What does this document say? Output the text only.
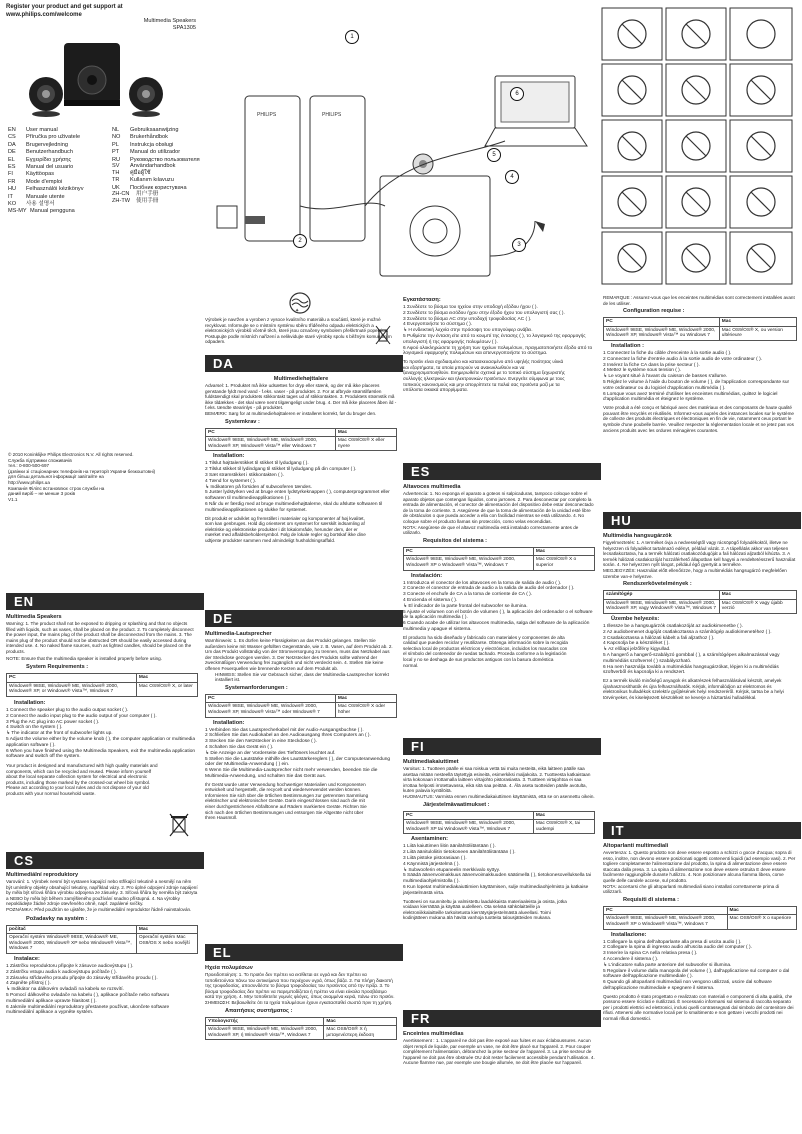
Register your product and get support at
www.philips.com/welcome
Multimedia Speakers
SPA1305
EN	User manual
CS	Příručka pro uživatele
DA	Brugervejledning
DE	Benutzerhandbuch
EL	Εγχειρίδιο χρήσης
ES	Manual del usuario
FI	Käyttöopas
FR	Mode d'emploi
HU	Felhasználói kézikönyv
IT	Manuale utente
KO	사용 설명서
MS-MY Manual pengguna
NL	Gebruiksaanwijzing
NO	Brukerhåndbok
PL	Instrukcja obsługi
PT	Manual do utilizador
RU	Руководство пользователя
SV	Användarhandbok
TH	คู่มือผู้ใช้
TR	Kullanım kılavuzu
UK	Посібник користувача
ZH-CN	用户手册
ZH-TW	使用手冊
© 2010 Koninklijke Philips Electronics N.V. All rights reserved.
Служба підтримки споживачів
тел.: 0-800-500-697
(дзвінки зі стаціонарних телефонів на території України безкоштовні)
для більш детальної інформації завітайте на
http://www.philips.ua
Компанія Філіпс встановлює строк служби на
даний виріб – не менше 3 років
V1.1
EN
Multimedia Speakers
Warning: 1. The product shall not be exposed to dripping or splashing and that no objects filled with liquids, such as vases, shall be placed on the product. 2. To completely disconnect the power input, the mains plug of the product shall be disconnected from the mains. 3. The mains plug of the product should not be obstructed OR should be easily accessed during intended use. 4. No naked flame sources, such as lighted candles, should be placed on the products.
NOTE: Ensure that the multimedia speaker is installed properly before using.
System Requirements :
PC	Mac
Windows® 98SE, Windows® ME, Windows® 2000, Windows® XP, or Windows® Vista™, Windows 7	Mac OS9/OS® X, or later
Installation:
1 Connect the speaker plug to the audio output socket ( ).
2 Connect the audio input plug to the audio output of your computer ( ).
3 Plug the AC plug into AC power socket ( ).
4 Switch on the system ( ).
↳ The indicator at the front of subwoofer lights up.
5 Adjust the volume either by the volume knob ( ), the computer application or multimedia application software ( ).
6 When you have finished using the Multimedia Speakers, exit the multimedia application software and switch off the system.
Your product is designed and manufactured with high quality materials and components, which can be recycled and reused. Please inform yourself about the local separate collection system for electrical and electronic products, including those marked by the crossed-out wheel bin symbol. Please act according to your local rules and do not dispose of your old products with your normal household waste.
CS
Multimediální reproduktory
Varování: 1. Výrobek nesmí být vystaven kapající nebo stříkající tekutině a nesmějí na něm být umístěny objekty obsahující tekutiny, například vázy. 2. Pro úplné odpojení zdroje napájení by měla být síťová šňůra výrobku odpojena ze zásuvky. 3. Síťová šňůra by neměla být zakryta a NEBO by měla být během zamýšleného používání snadno přístupná. 4. Na výrobky nepokládejte žádné zdroje otevřeného ohně, např. zapálené svíčky.
POZNÁMKA: Před použitím se ujistěte, že je multimediální reproduktor řádně nainstalován.
Požadavky na systém :
počítač	Mac
Operační systém Windows® 98SE, Windows® ME, Windows® 2000, Windows® XP nebo Windows® Vista™, Windows 7	Operační systém Mac OS9/OS X nebo novější
Instalace:
1 Zástrčku reproduktoru připojte k zásuvce audiovýstupu ( ).
2 Zástrčku vstupu audia k audiovýstupu počítače ( ).
3 Zásuvku střídavého proudu připojte do zásuvky střídavého proudu ( ).
4 Zapněte přístroj ( ).
↳ Indikátor na dálkovém ovladači na kabelu se rozsvítí.
5 Pomocí dálkového ovladače na kabelu ( ), aplikace počítače nebo softwaru multimediální aplikace upravte hlasitost ( ).
6 Jakmile multimediální reproduktory přestanete používat, ukončete software multimediální aplikace a vypněte systém.
✦
PHILIPS	PHILIPS
2
1
3
4
5
6
Výrobek je navržen a vyroben z vysoce kvalitního materiálu a součástí, které je možné recyklovat. Informujte se o místním systému sběru tříděného odpadu elektrických a elektronických výrobků včetně těch, které jsou označeny symbolem přeškrtnuté popelnice. Postupujte podle místních nařízení a nelikvidujte staré výrobky spolu s běžným komunálním odpadem.
DA
Multimediehøjttalere
Advarsel: 1. Produktet må ikke udsættes for dryp eller stænk, og der må ikke placeres genstande fyldt med vand - f.eks. vaser - på produktet. 2. For at afbryde strømtilførslen fuldstændigt skal produktets stikkontakt tages ud af stikkontakten. 3. Produktets strømstik må ikke tildækkes - det skal være nemt tilgængeligt under brug. 4. Der må ikke placeres åben ild - f.eks. tændte stearinlys - på produktet.
BEMÆRK: Sørg for at multimediehøjttaleren er installeret korrekt, før du bruger den.
Systemkrav :
PC	Mac
Windows® 98SE, Windows® ME, Windows® 2000, Windows® XP, Windows® Vista™ eller Windows 7	Mac OS9/OS® X eller nyere
Installation:
1 Tilslut højttalerstikket til stikket til lydudgang ( ).
2 Tilslut stikket til lydindgang til stikket til lydudgang på din computer ( ).
3 Sæt strømstikket i stikkontakten ( ).
4 Tænd for systemet ( ).
↳ Indikatoren på forsiden af subwooferen tændes.
5 Juster lydstyrken ved at bruge enten lydstyrkeknappen ( ), computerprogrammet eller softwaren til multimedieapplikationen ( ).
6 Når du er færdig med at bruge multimediehøjttalerne, skal du afslutte softwaren til multimedieapplikationen og slukke for systemet.
Dit produkt er udviklet og fremstillet i materialer og komponenter af høj kvalitet, som kan genbruges. Hold dig orienteret om systemet for særskilt indsamling af elektriske og elektroniske produkter i dit lokalområde, herunder dem, der er mærket med affaldsbeholdersymbol. Følg de lokale regler og bortskaf ikke dine udtjente produkter sammen med almindeligt husholdningsaffald.
DE
Multimedia-Lautsprecher
Warnhinweis: 1. Es dürfen keine Flüssigkeiten an das Produkt gelangen. Stellen Sie außerdem keine mit Wasser gefüllten Gegenstände, wie z. B. Vasen, auf dem Produkt ab. 2. Um das Produkt vollständig von der Stromversorgung zu trennen, muss das Netzkabel aus der Steckdose gezogen werden. 3. Der Netzstecker des Produkts sollte während der zweckmäßigen Verwendung frei zugänglich und nicht verdeckt sein. 4. Stellen Sie keine offenen Feuerquellen wie brennende Kerzen auf dem Produkt ab.
HINWEIS: Stellen Sie vor Gebrauch sicher, dass der Multimedia-Lautsprecher korrekt installiert ist.
Systemanforderungen :
PC	Mac
Windows® 98SE, Windows® ME, Windows® 2000, Windows® XP, Windows® Vista™ oder Windows® 7	Mac OS9/OS® X oder höher
Installation:
1 Verbinden Sie das Lautsprecherkabel mit der Audio-Ausgangsbuchse ( ).
2 Schließen Sie das Audiokabel an den Audioausgang Ihres Computers an ( ).
3 Stecken Sie den Netzstecker in eine Steckdose ( ).
4 Schalten Sie das Gerät ein ( ).
↳ Die Anzeige an der Vorderseite des Tieftöners leuchtet auf.
5 Stellen Sie die Lautstärke mithilfe des Lautstärkereglers ( ), der Computeranwendung oder der Multimedia-Anwendung ( ) ein.
6 Wenn Sie die Multimedia-Lautsprecher nicht mehr verwenden, beenden Sie die Multimedia-Anwendung, und schalten Sie das Gerät aus.
Ihr Gerät wurde unter Verwendung hochwertiger Materialien und Komponenten entwickelt und hergestellt, die recycelt und wiederverwendet werden können. Informieren Sie sich über die örtlichen Bestimmungen zur getrennten Sammlung elektrischer und elektronischer Geräte. Darin eingeschlossen sind auch die mit einer durchgestrichenen Abfalltonne auf Rädern markierten Geräte. Richten Sie sich nach den örtlichen Bestimmungen und entsorgen Sie Altgeräte nicht über Ihren Hausmüll.
EL
Ηχεία πολυμέσων
Προειδοποίηση: 1. Το προϊόν δεν πρέπει να εκτίθεται σε υγρά και δεν πρέπει να τοποθετούνται πάνω του αντικείμενα που περιέχουν υγρά, όπως βάζα. 2. Για πλήρη διακοπή της τροφοδοσίας, αποσυνδέστε το βύσμα τροφοδοσίας του προϊόντος από την πρίζα. 3. Το βύσμα τροφοδοσίας δεν πρέπει να παρεμποδίζεται ή πρέπει να είναι εύκολα προσβάσιμο κατά την χρήση. 4. Μην τοποθετείτε γυμνές φλόγες, όπως αναμμένα κεριά, πάνω στο προϊόν.
ΣΗΜΕΙΩΣΗ: Βεβαιωθείτε ότι τα ηχεία πολυμέσων έχουν εγκατασταθεί σωστά πριν τη χρήση.
Απαιτήσεις συστήματος :
Υπολογιστής	Mac
Windows® 98SE, Windows® ME, Windows® 2000, Windows® XP, ή Windows® Vista™, Windows 7	Mac OS9/OS® X ή μεταγενέστερη έκδοση
Εγκατάσταση:
1 Συνδέστε το βύσμα του ηχείου στην υποδοχή εξόδου ήχου ( ).
2 Συνδέστε το βύσμα εισόδου ήχου στην έξοδο ήχου του υπολογιστή σας ( ).
3 Συνδέστε το βύσμα AC στην υποδοχή τροφοδοσίας AC ( ).
4 Ενεργοποιήστε το σύστημα ( ).
↳ Η ενδεικτική λυχνία στην πρόσοψη του υπογούφερ ανάβει.
5 Ρυθμίστε την ένταση είτε από το κουμπί της έντασης ( ), το λογισμικό της εφαρμογής υπολογιστή ή της εφαρμογής πολυμέσων ( ).
6 Αφού ολοκληρώσετε τη χρήση των ηχείων πολυμέσων, πραγματοποιήστε έξοδο από το λογισμικό εφαρμογής πολυμέσων και απενεργοποιήστε το σύστημα.
Το προϊόν είναι σχεδιασμένο και κατασκευασμένο από υψηλής ποιότητας υλικά και εξαρτήματα, τα οποία μπορούν να ανακυκλωθούν και να ξαναχρησιμοποιηθούν. Ενημερωθείτε σχετικά με το τοπικό σύστημα ξεχωριστής συλλογής ηλεκτρικών και ηλεκτρονικών προϊόντων. Ενεργείτε σύμφωνα με τους τοπικούς κανονισμούς και μην απορρίπτετε τα παλιά σας προϊόντα μαζί με τα υπόλοιπα οικιακά απορρίμματα.
ES
Altavoces multimedia
Advertencia: 1. No exponga el aparato a goteos ni salpicaduras, tampoco coloque sobre el aparato objetos que contengan líquidos, como jarrones. 2. Para desconectar por completo la entrada de alimentación, el conector de alimentación del dispositivo debe estar desconectado de la toma de corriente. 3. Asegúrese de que la toma de alimentación de la unidad esté libre de obstáculos o que pueda acceder a ella con facilidad mientras se está utilizando. 4. No coloque sobre el producto llamas sin protección, como velas encendidas.
NOTA: Asegúrese de que el altavoz multimedia está instalado correctamente antes de utilizarlo.
Requisitos del sistema :
PC	Mac
Windows® 98SE, Windows® ME, Windows® 2000, Windows® XP o Windows® Vista™, Windows 7	Mac OS9/OS® X o superior
Instalación:
1 Introduzca el conector de los altavoces en la toma de salida de audio ( ).
2 Conecte el conector de entrada de audio a la salida de audio del ordenador ( ).
3 Conecte el enchufe de CA a la toma de corriente de CA ( ).
4 Encienda el sistema ( ).
↳ El indicador de la parte frontal del subwoofer se ilumina.
5 Ajuste el volumen con el botón de volumen ( ), la aplicación del ordenador o el software de la aplicación multimedia ( ).
6 Cuando acabe de utilizar los altavoces multimedia, salga del software de la aplicación multimedia y apague el sistema.
El producto ha sido diseñado y fabricado con materiales y componentes de alta calidad que pueden reciclar y reutilizarse. Obtenga información sobre la recogida selectiva local de productos eléctricos y electrónicos, incluidos los marcados con el símbolo del contenedor de ruedas tachado. Proceda conforme a la legislación local y no se deshaga de sus productos antiguos con la basura doméstica normal.
FI
Multimediakaiuttimet
Varoitus: 1. Tuotteen päälle ei saa roiskua vettä tai muita nesteitä, eikä laitteen päälle saa asettaa mitään nesteellä täytettyjä esineitä, esimerkiksi maljakoita. 2. Tuotteesta katkaistaan virta kokonaan irrottamalla laitteen virtajohto pistorasiasta. 3. Tuotteen virtajohtoa ei saa irrottaa helposti irrotettavassa, eikä sitä saa peittää. 4. Älä aseta tuotteiden päälle avotulta, kuten palavia kynttilöitä.
HUOMAUTUS: Varmista ennen multimediakaiuttimen käyttämistä, että se on asennettu oikein.
Järjestelmävaatimukset :
PC	Mac
Windows® 98SE, Windows® ME, Windows® 2000, Windows® XP tai Windows® Vista™, Windows 7	Mac OS9/OS® X, tai uudempi
Asentaminen:
1 Liitä kaiuttimen liitin äänilähtöliitäntään ( ).
2 Liitä äänituloliitin tietokoneen äänilähtöliitäntään ( ).
3 Liitä pistoke pistorasiaan ( ).
4 Käynnistä järjestelmä ( ).
↳ Subwooferin etupaneelin merkkivalo syttyy.
5 Säädä äänenvoimakkuus äänenvoimakkuuden säätimellä ( ), tietokonesovelluksella tai multimediaohjelmistolla ( ).
6 Kun lopetat multimediakaiuttimien käyttämisen, sulje multimediaohjelmisto ja katkaise järjestelmästä virta.
Tuotteesi on suunniteltu ja valmistettu laadukkaista materiaaleista ja osista, jotka voidaan kierrättää ja käyttää uudelleen. Ota selvää sähkölaitteille ja elektroniikkalaitteille tarkoitetusta kierrätysjärjestelmästä alueellasi. Toimi kodinjätteen mukana älä hävitä vanhoja tuotteita talousjätteiden mukana.
FR
Enceintes multimédias
Avertissement : 1. L'appareil ne doit pas être exposé aux fuites et aux éclaboussures. Aucun objet rempli de liquide, par exemple un vase, ne doit être placé sur l'appareil. 2. Pour couper complètement l'alimentation, débranchez la prise secteur de l'appareil. 3. La prise secteur de l'appareil ne doit pas être obstruée OU doit rester facilement accessible pendant l'utilisation. 4. Aucune flamme nue, par exemple une bougie allumée, ne doit être placée sur l'appareil.
REMARQUE : Assurez-vous que les enceintes multimédias sont correctement installées avant de les utiliser.
Configuration requise :
PC	Mac
Windows® 98SE, Windows® ME, Windows® 2000, Windows® XP, Windows® Vista™ ou Windows 7	Mac OS9/OS® X, ou version ultérieure
Installation :
1 Connectez la fiche du câble d'enceinte à la sortie audio ( ).
2 Connectez la fiche d'entrée audio à la sortie audio de votre ordinateur ( ).
3 Insérez la fiche CA dans la prise secteur ( ).
4 Mettez le système sous tension ( ).
↳ Le voyant situé à l'avant du caisson de basses s'allume.
5 Réglez le volume à l'aide du bouton de volume ( ), de l'application correspondante sur votre ordinateur ou du logiciel d'application multimédia ( ).
6 Lorsque vous avez terminé d'utiliser les enceintes multimédias, quittez le logiciel d'application multimédia et éteignez le système.
Votre produit a été conçu et fabriqué avec des matériaux et des composants de haute qualité pouvant être recyclés et réutilisés. Informez-vous auprès des instances locales sur le système de collecte des produits électriques et électroniques en fin de vie, notamment ceux portant le symbole d'une poubelle barrée. Veuillez respecter la réglementation locale et ne jetez pas vos anciens produits avec les ordures ménagères courantes.
HU
Multimédia hangsugárzók
Figyelmeztetés: 1. A terméket óvja a nedvességtől vagy rácsöpögő folyadékoktól, illetve ne helyezzen rá folyadékot tartalmazó edényt, például vázát. 2. A tápellátás akkor van teljesen lecsatlakoztatva, ha a termék hálózati csatlakozódugóját a fali hálózati aljzatból kihúzta. 3. A termék hálózati csatlakozóját hozzáférhető állapotban kell hagyni a rendeltetésszerű használat során. 4. Ne helyezzen nyílt lángot, például égő gyertyát a termékre.
MEGJEGYZÉS: Használat előtt ellenőrizze, hogy a multimédiás hangsugárzó megfelelően üzembe van-e helyezve.
Rendszerkövetelmények :
számítógép	Mac
Windows® 98SE, Windows® ME, Windows® 2000, Windows® XP, vagy Windows® Vista™, Windows 7	Mac OS9/OS® X vagy újabb verzió
Üzembe helyezés:
1 Illessze be a hangsugárzók csatlakozóját az audiokimenetbe ( ).
2 Az audiobemenet dugóját csatlakoztassa a számítógép audiokimenetéhez ( ).
3 Csatlakoztassa a hálózati kábelt a fali aljzathoz ( ).
4 Kapcsolja be a készüléket ( ).
↳ Az előlapi jelzőfény kigyullad.
5 A hangerő a hangerő-szabályzó gombbal ( ), a számítógépes alkalmazással vagy multimédiás szoftverrel ( ) szabályozható.
6 Ha nem használja tovább a multimédiás hangsugárzókat, lépjen ki a multimédiás szoftverből és kapcsolja ki a rendszert.
Ez a termék kiváló minőségű anyagok és alkatrészek felhasználásával készült, amelyek újrahasznosíthatók és újra felhasználhatók. Kérjük, informálódjon az elektromos és elektronikus hulladékok szelektív gyűjtésének helyi rendszeréről. Kérjük, tartsa be a helyi törvényeket, és kiselejtezett készülékeit ne keverje a háztartási hulladékkal.
IT
Altoparlanti multimediali
Avvertenza: 1. Questo prodotto non deve essere esposto a schizzi o gocce d'acqua; sopra di esso, inoltre, non devono essere posizionati oggetti contenenti liquidi (ad esempio vasi). 2. Per togliere completamente l'alimentazione dal prodotto, la spina di alimentazione deve essere staccata dalla presa. 3. La spina di alimentazione non deve essere ostruita E deve essere facilmente raggiungibile durante l'utilizzo. 4. Non posizionare alcuna fiamma libera, come quelle delle candele accese, sul prodotto.
NOTA: accertarsi che gli altoparlanti multimediali siano installati correttamente prima di utilizzarli.
Requisiti di sistema :
PC	Mac
Windows® 98SE, Windows® ME, Windows® 2000, Windows® XP o Windows® Vista™, Windows 7	Mac OS9/OS® X o superiore
Installazione:
1 Collegare la spina dell'altoparlante alla presa di uscita audio ( ).
2 Collegare la spina di ingresso audio all'uscita audio del computer ( ).
3 Inserire la spina CA nella relativa presa ( ).
4 Accendere il sistema ( ).
↳ L'indicatore sulla parte anteriore del subwoofer si illumina.
5 Regolare il volume dalla manopola del volume ( ), dall'applicazione sul computer o dal software dell'applicazione multimediale ( ).
6 Quando gli altoparlanti multimediali non vengono utilizzati, uscire dal software dell'applicazione multimediale e spegnere il sistema.
Questo prodotto è stato progettato e realizzato con materiali e componenti di alta qualità, che possono essere riciclati e riutilizzati. È necessario informarsi sul sistema di raccolta separato per i prodotti elettrici ed elettronici, inclusi quelli contrassegnati dal simbolo del contenitore dei rifiuti. Attenersi alle normative locali per lo smaltimento e non gettare i vecchi prodotti nei normali rifiuti domestici.
